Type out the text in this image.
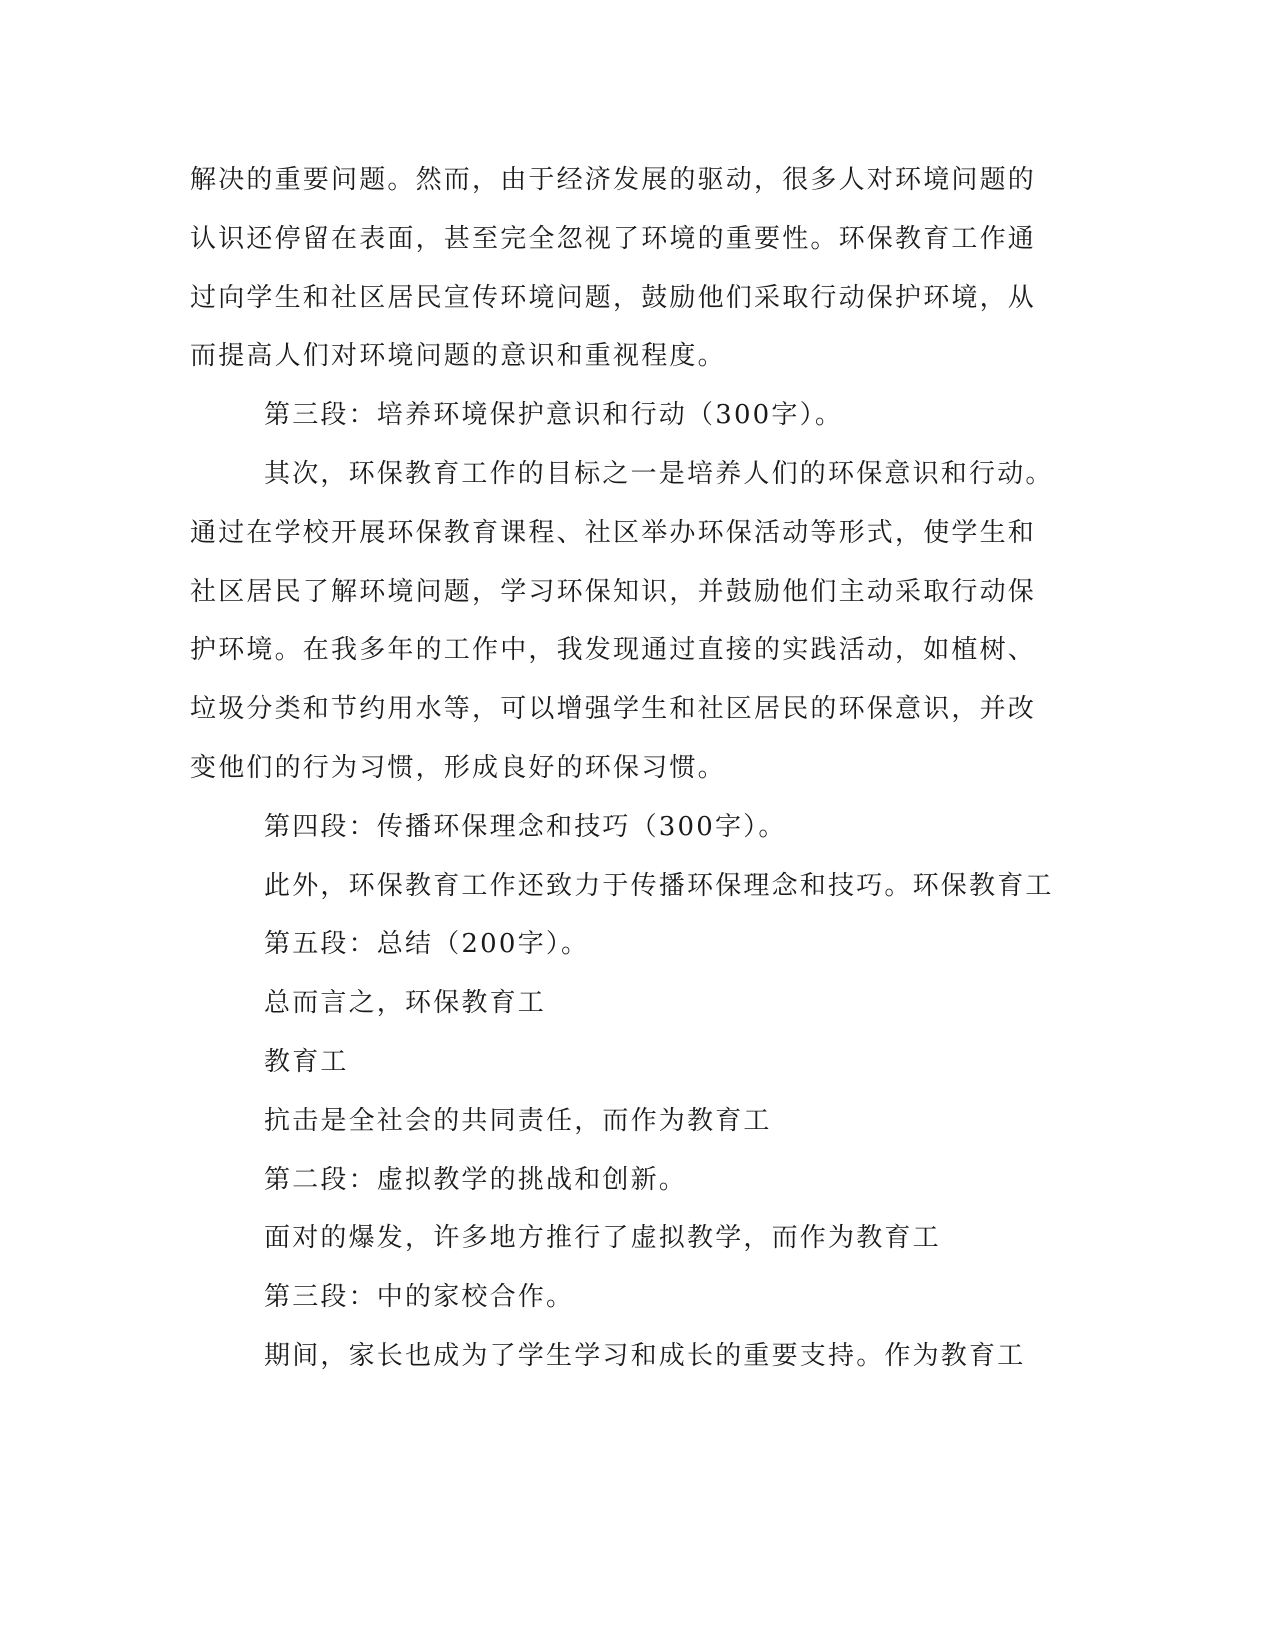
解决的重要问题。然而，由于经济发展的驱动，很多人对环境问题的
认识还停留在表面，甚至完全忽视了环境的重要性。环保教育工作通
过向学生和社区居民宣传环境问题，鼓励他们采取行动保护环境，从
而提高人们对环境问题的意识和重视程度。
第三段：培养环境保护意识和行动（300字）。
其次，环保教育工作的目标之一是培养人们的环保意识和行动。
通过在学校开展环保教育课程、社区举办环保活动等形式，使学生和
社区居民了解环境问题，学习环保知识，并鼓励他们主动采取行动保
护环境。在我多年的工作中，我发现通过直接的实践活动，如植树、
垃圾分类和节约用水等，可以增强学生和社区居民的环保意识，并改
变他们的行为习惯，形成良好的环保习惯。
第四段：传播环保理念和技巧（300字）。
此外，环保教育工作还致力于传播环保理念和技巧。环保教育工
第五段：总结（200字）。
总而言之，环保教育工
教育工
抗击是全社会的共同责任，而作为教育工
第二段：虚拟教学的挑战和创新。
面对的爆发，许多地方推行了虚拟教学，而作为教育工
第三段：中的家校合作。
期间，家长也成为了学生学习和成长的重要支持。作为教育工
